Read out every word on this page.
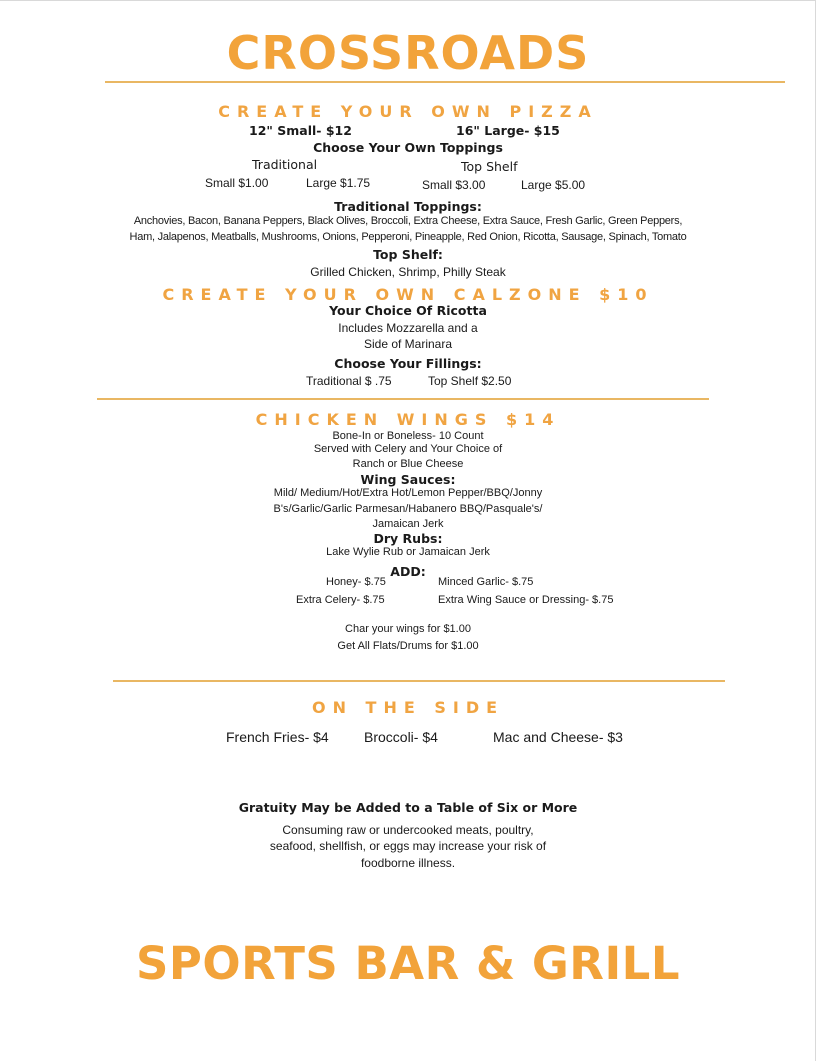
CROSSROADS
CREATE YOUR OWN PIZZA
12" Small- $12	16" Large- $15
Choose Your Own Toppings
Traditional	Top Shelf
Small $1.00	Large $1.75	Small $3.00	Large $5.00
Traditional Toppings:
Anchovies, Bacon, Banana Peppers, Black Olives, Broccoli, Extra Cheese, Extra Sauce, Fresh Garlic, Green Peppers,
Ham, Jalapenos, Meatballs, Mushrooms, Onions, Pepperoni, Pineapple, Red Onion, Ricotta, Sausage, Spinach, Tomato
Top Shelf:
Grilled Chicken, Shrimp, Philly Steak
CREATE YOUR OWN CALZONE $10
Your Choice Of Ricotta
Includes Mozzarella and a
Side of Marinara
Choose Your Fillings:
Traditional $ .75	Top Shelf $2.50
CHICKEN WINGS $14
Bone-In or Boneless- 10 Count
Served with Celery and Your Choice of
Ranch or Blue Cheese
Wing Sauces:
Mild/ Medium/Hot/Extra Hot/Lemon Pepper/BBQ/Jonny
B's/Garlic/Garlic Parmesan/Habanero BBQ/Pasquale's/
Jamaican Jerk
Dry Rubs:
Lake Wylie Rub or Jamaican Jerk
ADD:
Honey- $.75	Minced Garlic- $.75
Extra Celery- $.75	Extra Wing Sauce or Dressing- $.75
Char your wings for $1.00
Get All Flats/Drums for $1.00
ON THE SIDE
French Fries- $4	Broccoli- $4	Mac and Cheese- $3
Gratuity May be Added to a Table of Six or More
Consuming raw or undercooked meats, poultry,
seafood, shellfish, or eggs may increase your risk of
foodborne illness.
SPORTS BAR & GRILL
